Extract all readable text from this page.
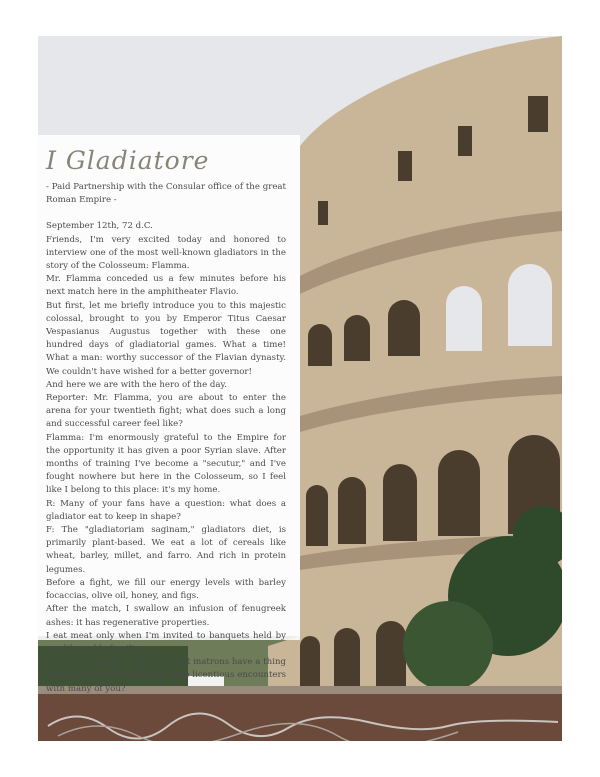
I Gladiatore

- Paid Partnership with the Consular office of the great Roman Empire -

September 12th, 72 d.C.

Friends, I'm very excited today and honored to interview one of the most well-known gladiators in the story of the Colosseum: Flamma.

Mr. Flamma conceded us a few minutes before his next match here in the amphitheater Flavio.

But first, let me briefly introduce you to this majestic colossal, brought to you by Emperor Titus Caesar Vespasianus Augustus together with these one hundred days of gladiatorial games. What a time! What a man: worthy successor of the Flavian dynasty. We couldn't have wished for a better governor!

And here we are with the hero of the day.

Reporter: Mr. Flamma, you are about to enter the arena for your twentieth fight; what does such a long and successful career feel like?

Flamma: I'm enormously grateful to the Empire for the opportunity it has given a poor Syrian slave. After months of training I've become a "secutur," and I've fought nowhere but here in the Colosseum, so I feel like I belong to this place: it's my home.

R: Many of your fans have a question: what does a gladiator eat to keep in shape?

F: The "gladiatoriam saginam," gladiators diet, is primarily plant-based. We eat a lot of cereals like wheat, barley, millet, and farro. And rich in protein legumes.

Before a fight, we fill our energy levels with barley focaccias, olive oil, honey, and figs.

After the match, I swallow an infusion of fenugreek ashes: it has regenerative properties.

I eat meat only when I'm invited to banquets held by wealthy noble families.

R: On the subject... it is true that matrons have a thing for gladiators and that they have licentious encounters with many of you?
